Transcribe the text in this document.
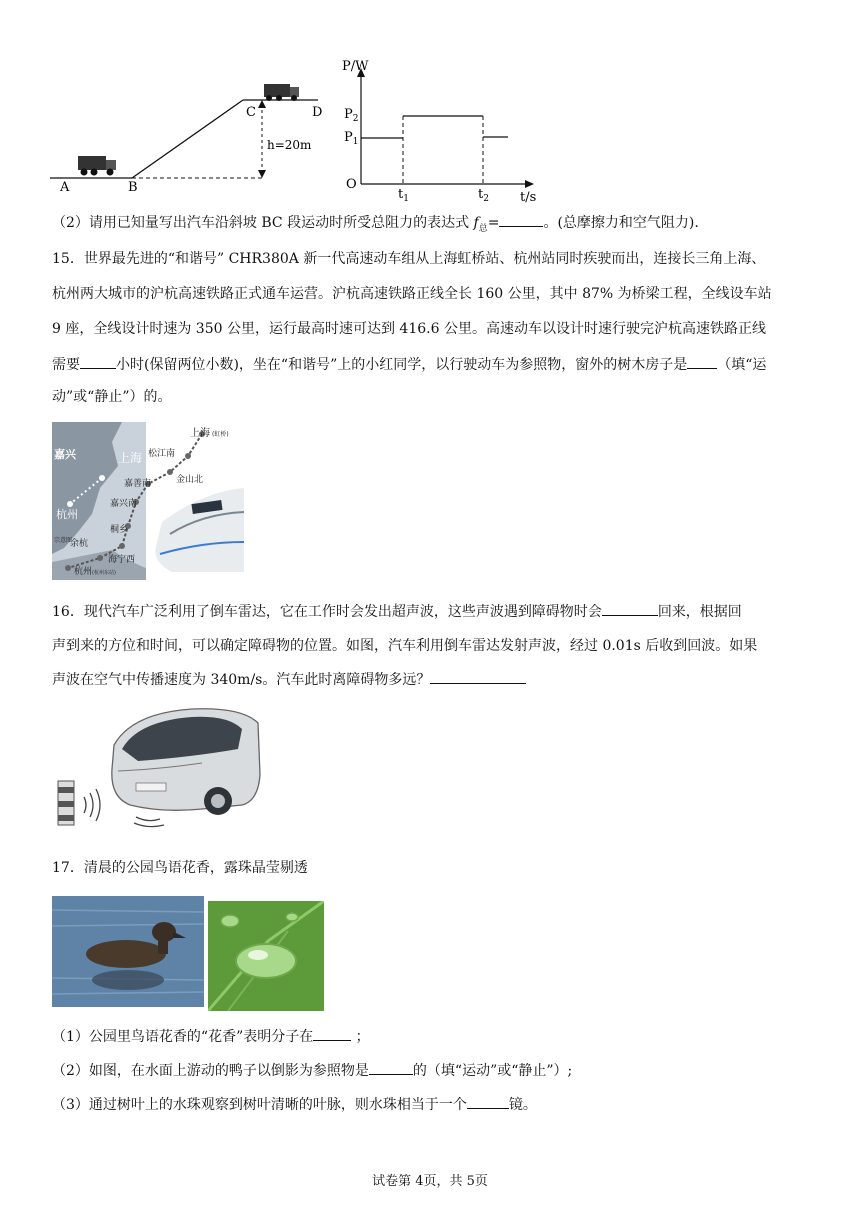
A	B
C	D
h=20m
P/W
t/s
O
$P_2$
$P_1$
$t_1$	$t_2$
（2）请用已知量写出汽车沿斜坡 BC 段运动时所受总阻力的表达式 $f_总=$	。(总摩擦力和空气阻力).
15．世界最先进的“和谐号” CHR380A 新一代高速动车组从上海虹桥站、杭州站同时疾驶而出，连接长三角上海、
杭州两大城市的沪杭高速铁路正式通车运营。沪杭高速铁路正线全长 160 公里，其中 87% 为桥梁工程，全线设车站
9 座，全线设计时速为 350 公里，运行最高时速可达到 416.6 公里。高速动车以设计时速行驶完沪杭高速铁路正线
需要	小时(保留两位小数)，坐在“和谐号”上的小红同学，以行驶动车为参照物，窗外的树木房子是 （填“运
动”或“静止”）的。
上海
嘉兴
杭州
上海 (虹桥)
松江南
金山北
嘉善南
嘉兴南
桐乡
余杭
海宁西
杭州 (杭州东站)
宗意图
16．现代汽车广泛利用了倒车雷达，它在工作时会发出超声波，这些声波遇到障碍物时会	回来，根据回
声到来的方位和时间，可以确定障碍物的位置。如图，汽车利用倒车雷达发射声波，经过 0.01s 后收到回波。如果
声波在空气中传播速度为 340m/s。汽车此时离障碍物多远？
17．清晨的公园鸟语花香，露珠晶莹剔透
（1）公园里鸟语花香的“花香”表明分子在	；
（2）如图，在水面上游动的鸭子以倒影为参照物是	的（填“运动”或“静止”）;
（3）通过树叶上的水珠观察到树叶清晰的叶脉，则水珠相当于一个	镜。
试卷第 4页，共 5页
